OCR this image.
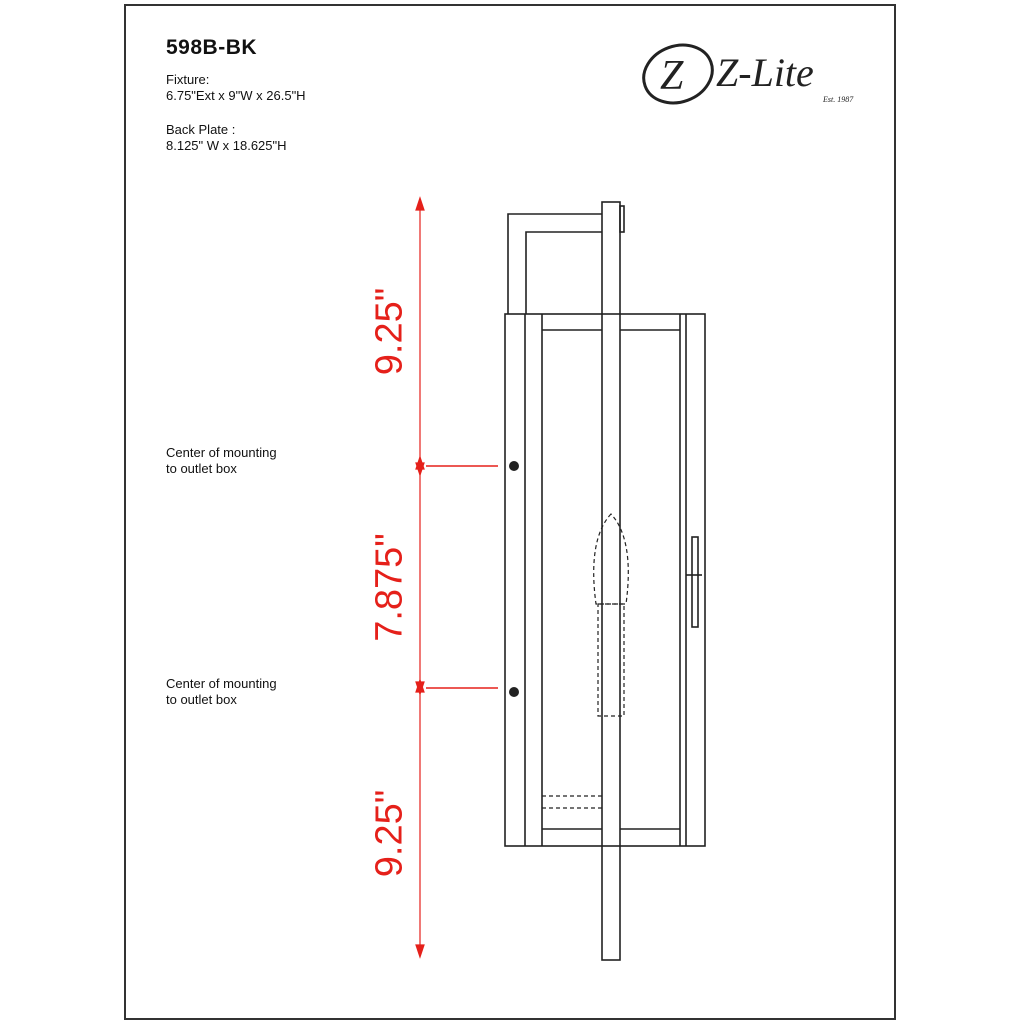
598B-BK
Fixture:
6.75"Ext x 9"W x 26.5"H
Back Plate :
8.125" W x 18.625"H
Z Z-Lite
Est. 1987
Center of mounting
to outlet box
Center of mounting
to outlet box
9.25"
7.875"
9.25"
